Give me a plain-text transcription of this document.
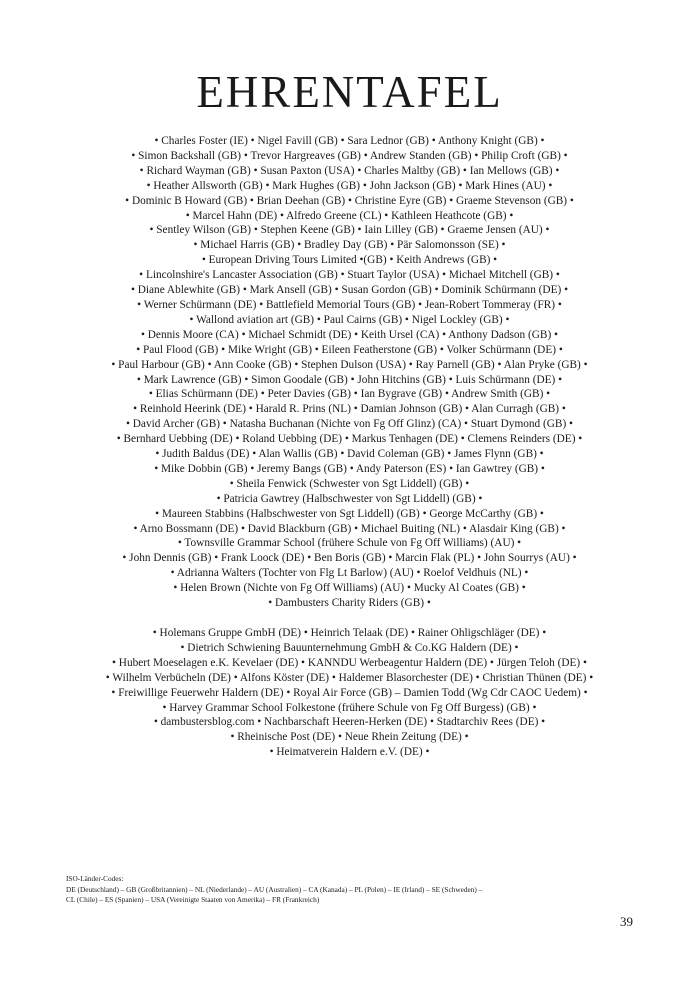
EHRENTAFEL
• Charles Foster (IE) • Nigel Favill (GB) • Sara Lednor (GB) • Anthony Knight (GB) •
• Simon Backshall (GB) • Trevor Hargreaves (GB) • Andrew Standen (GB) • Philip Croft (GB) •
• Richard Wayman (GB) • Susan Paxton (USA) • Charles Maltby (GB) • Ian Mellows (GB) •
• Heather Allsworth (GB) • Mark Hughes (GB) • John Jackson (GB) • Mark Hines (AU) •
• Dominic B Howard (GB) • Brian Deehan (GB) • Christine Eyre (GB) • Graeme Stevenson (GB) •
• Marcel Hahn (DE) • Alfredo Greene (CL) • Kathleen Heathcote (GB) •
• Sentley Wilson (GB) • Stephen Keene (GB) • Iain Lilley (GB) • Graeme Jensen (AU) •
• Michael Harris (GB) • Bradley Day (GB) • Pär Salomonsson (SE) •
• European Driving Tours Limited •(GB) • Keith Andrews (GB) •
• Lincolnshire's Lancaster Association (GB) • Stuart Taylor (USA) • Michael Mitchell (GB) •
• Diane Ablewhite (GB) • Mark Ansell (GB) • Susan Gordon (GB) • Dominik Schürmann (DE) •
• Werner Schürmann (DE) • Battlefield Memorial Tours (GB) • Jean-Robert Tommeray (FR) •
• Wallond aviation art (GB) • Paul Cairns (GB) • Nigel Lockley (GB) •
• Dennis Moore (CA) • Michael Schmidt (DE) • Keith Ursel (CA) • Anthony Dadson (GB) •
• Paul Flood (GB) • Mike Wright (GB) • Eileen Featherstone (GB) • Volker Schürmann (DE) •
• Paul Harbour (GB) • Ann Cooke (GB) • Stephen Dulson (USA) • Ray Parnell (GB) • Alan Pryke (GB) •
• Mark Lawrence (GB) • Simon Goodale (GB) • John Hitchins (GB) • Luis Schürmann (DE) •
• Elias Schürmann (DE) • Peter Davies (GB) • Ian Bygrave (GB) • Andrew Smith (GB) •
• Reinhold Heerink (DE) • Harald R. Prins (NL) • Damian Johnson (GB) • Alan Curragh (GB) •
• David Archer (GB) • Natasha Buchanan (Nichte von Fg Off Glinz) (CA) • Stuart Dymond (GB) •
• Bernhard Uebbing (DE) • Roland Uebbing (DE) • Markus Tenhagen (DE) • Clemens Reinders (DE) •
• Judith Baldus (DE) • Alan Wallis (GB) • David Coleman (GB) • James Flynn (GB) •
• Mike Dobbin (GB) • Jeremy Bangs (GB) • Andy Paterson (ES) • Ian Gawtrey (GB) •
• Sheila Fenwick (Schwester von Sgt Liddell) (GB) •
• Patricia Gawtrey (Halbschwester von Sgt Liddell) (GB) •
• Maureen Stabbins (Halbschwester von Sgt Liddell) (GB) • George McCarthy (GB) •
• Arno Bossmann (DE) • David Blackburn (GB) • Michael Buiting (NL) • Alasdair King (GB) •
• Townsville Grammar School (frühere Schule von Fg Off Williams) (AU) •
• John Dennis (GB) • Frank Loock (DE) • Ben Boris (GB) • Marcin Flak (PL) • John Sourrys (AU) •
• Adrianna Walters (Tochter von Flg Lt Barlow) (AU) • Roelof Veldhuis (NL) •
• Helen Brown (Nichte von Fg Off Williams) (AU) • Mucky Al Coates (GB) •
• Dambusters Charity Riders (GB) •
• Holemans Gruppe GmbH (DE) • Heinrich Telaak (DE) • Rainer Ohligschläger (DE) •
• Dietrich Schwiening Bauunternehmung GmbH & Co.KG Haldern (DE) •
• Hubert Moeselagen e.K. Kevelaer (DE) • KANNDU Werbeagentur Haldern (DE) • Jürgen Teloh (DE) •
• Wilhelm Verbücheln (DE) • Alfons Köster (DE) • Haldemer Blasorchester (DE) • Christian Thünen (DE) •
• Freiwillige Feuerwehr Haldern (DE) • Royal Air Force (GB) – Damien Todd (Wg Cdr CAOC Uedem) •
• Harvey Grammar School Folkestone (frühere Schule von Fg Off Burgess) (GB) •
• dambustersblog.com • Nachbarschaft Heeren-Herken (DE) • Stadtarchiv Rees (DE) •
• Rheinische Post (DE) • Neue Rhein Zeitung (DE) •
• Heimatverein Haldern e.V. (DE) •
ISO-Länder-Codes:
DE (Deutschland) – GB (Großbritannien) – NL (Niederlande) – AU (Australien) – CA (Kanada) – PL (Polen) – IE (Irland) – SE (Schweden) –
CL (Chile) – ES (Spanien) – USA (Vereinigte Staaten von Amerika) – FR (Frankreich)
39
